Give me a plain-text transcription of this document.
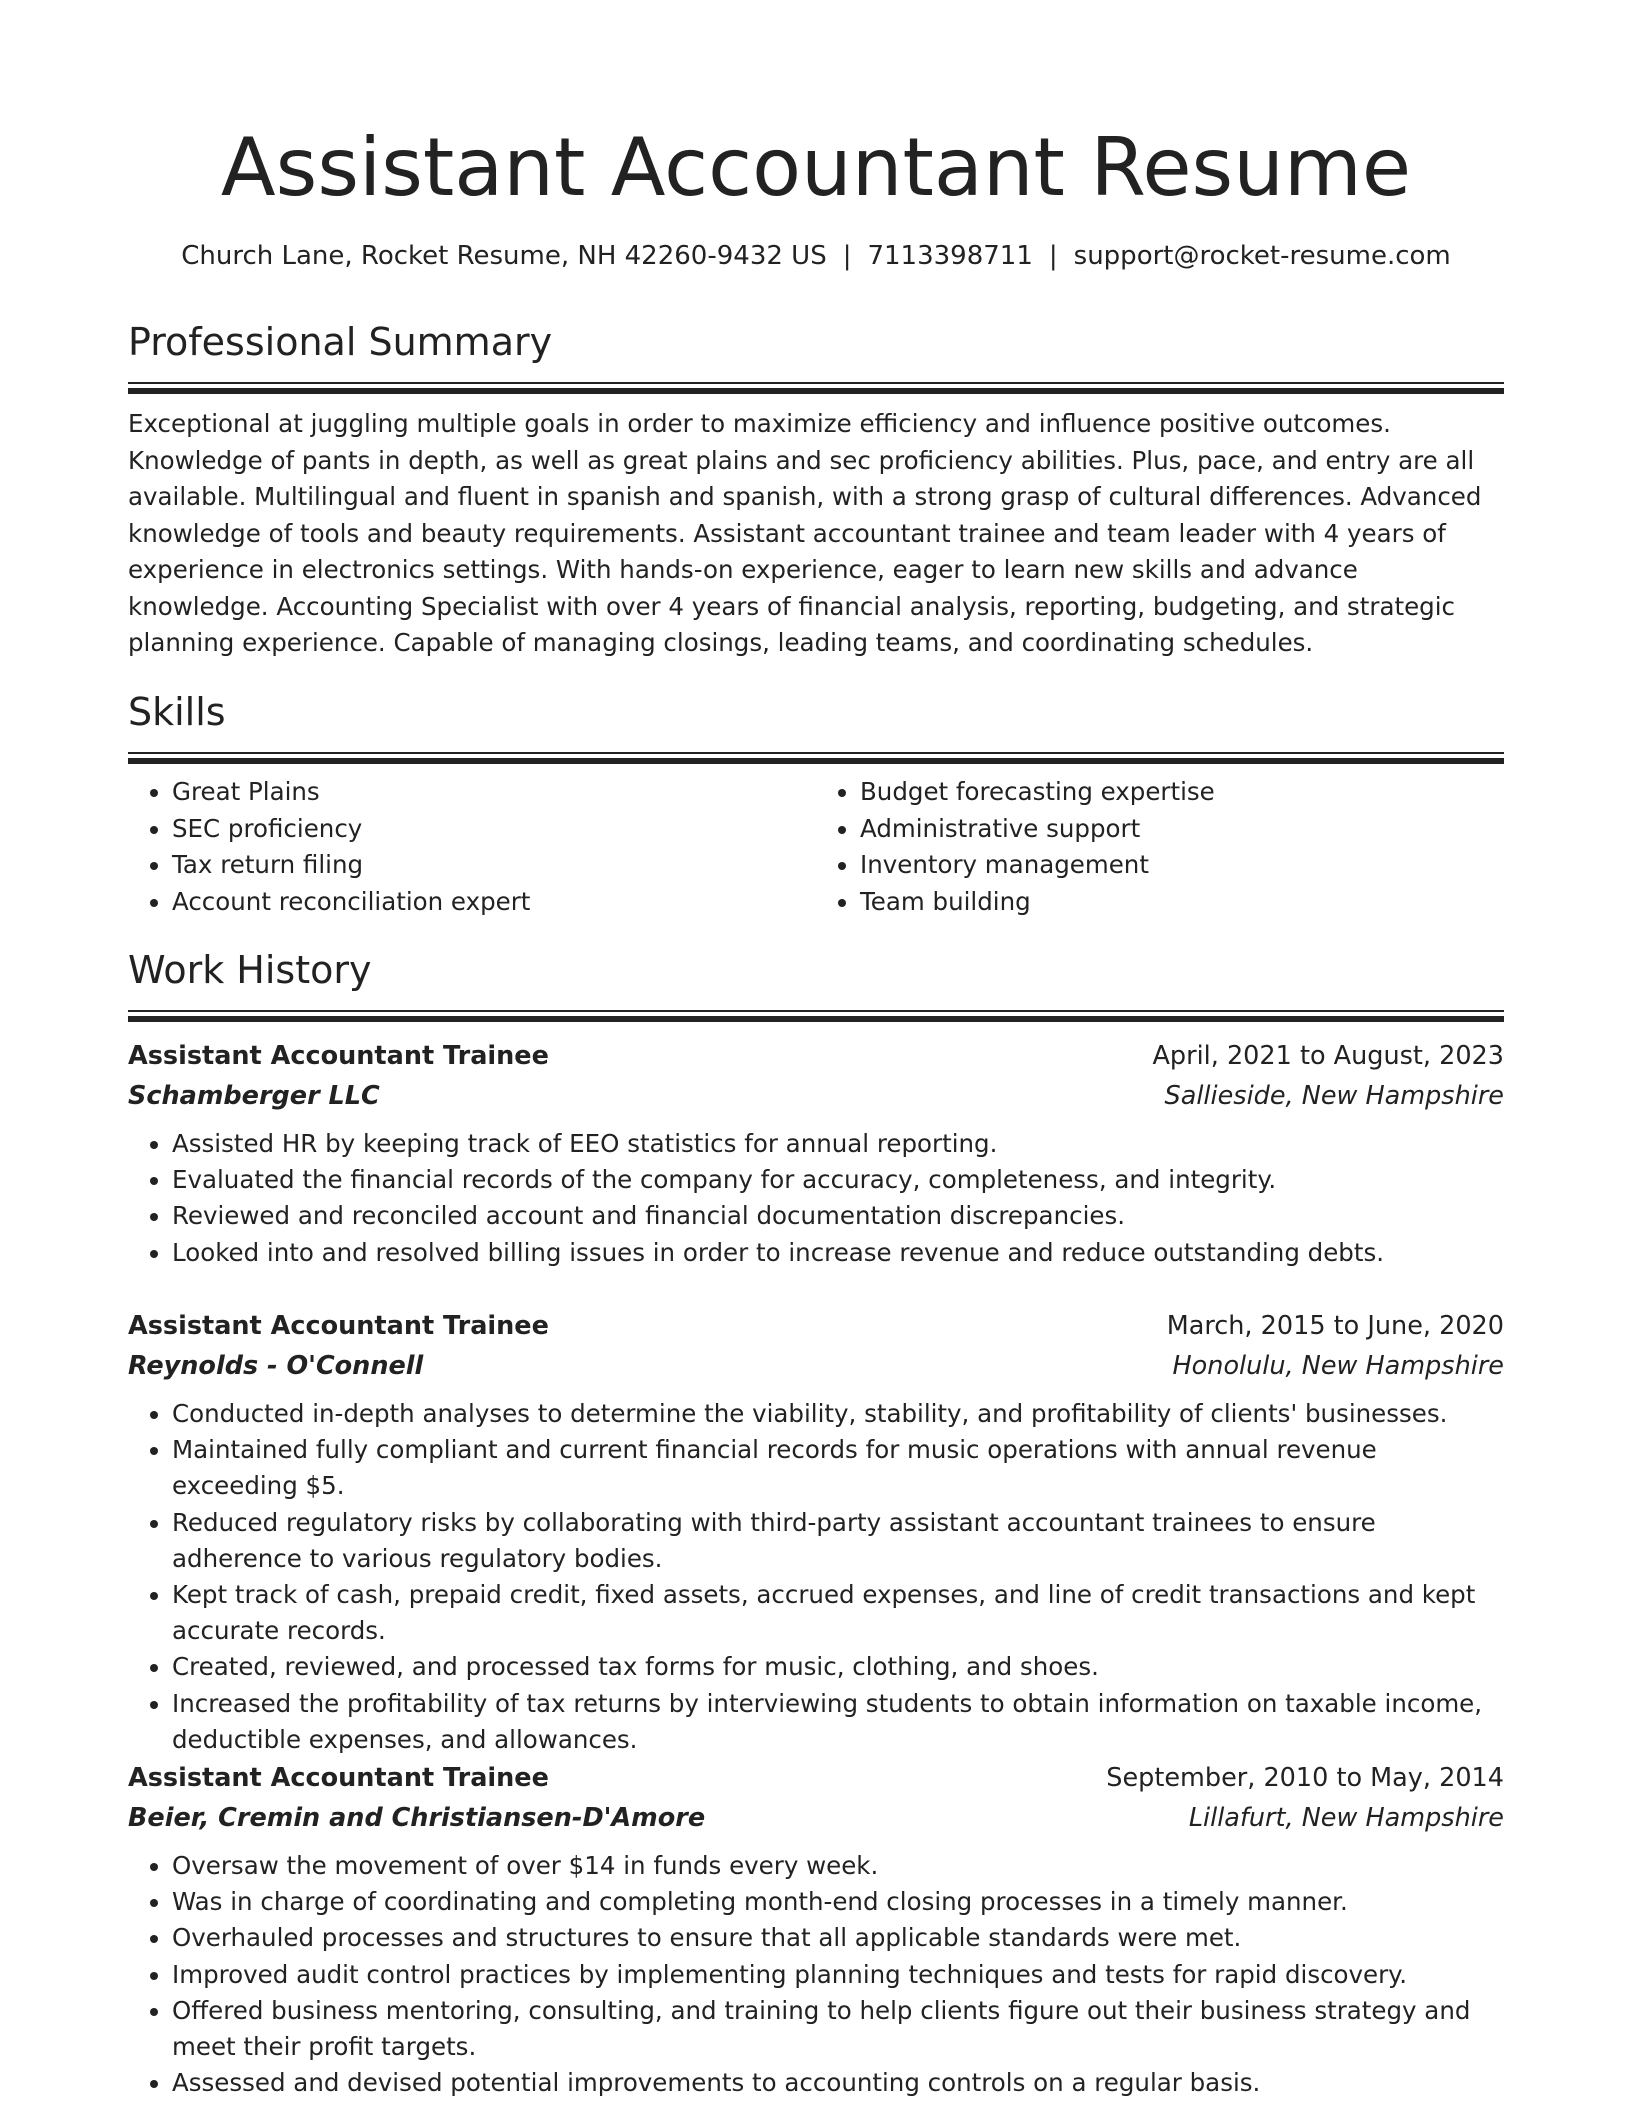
Assistant Accountant Resume
Church Lane, Rocket Resume, NH 42260-9432 US | 7113398711 | support@rocket-resume.com
Professional Summary

Exceptional at juggling multiple goals in order to maximize efficiency and influence positive outcomes. Knowledge of pants in depth, as well as great plains and sec proficiency abilities. Plus, pace, and entry are all available. Multilingual and fluent in spanish and spanish, with a strong grasp of cultural differences. Advanced knowledge of tools and beauty requirements. Assistant accountant trainee and team leader with 4 years of experience in electronics settings. With hands-on experience, eager to learn new skills and advance knowledge. Accounting Specialist with over 4 years of financial analysis, reporting, budgeting, and strategic planning experience. Capable of managing closings, leading teams, and coordinating schedules.

Skills
• Great Plains
• SEC proficiency
• Tax return filing
• Account reconciliation expert
• Budget forecasting expertise
• Administrative support
• Inventory management
• Team building
Work History
Assistant Accountant Trainee	April, 2021 to August, 2023
Schamberger LLC	Sallieside, New Hampshire
• Assisted HR by keeping track of EEO statistics for annual reporting.
• Evaluated the financial records of the company for accuracy, completeness, and integrity.
• Reviewed and reconciled account and financial documentation discrepancies.
• Looked into and resolved billing issues in order to increase revenue and reduce outstanding debts.
Assistant Accountant Trainee	March, 2015 to June, 2020
Reynolds - O'Connell	Honolulu, New Hampshire
• Conducted in-depth analyses to determine the viability, stability, and profitability of clients' businesses.
• Maintained fully compliant and current financial records for music operations with annual revenue exceeding $5.
• Reduced regulatory risks by collaborating with third-party assistant accountant trainees to ensure adherence to various regulatory bodies.
• Kept track of cash, prepaid credit, fixed assets, accrued expenses, and line of credit transactions and kept accurate records.
• Created, reviewed, and processed tax forms for music, clothing, and shoes.
• Increased the profitability of tax returns by interviewing students to obtain information on taxable income, deductible expenses, and allowances.
Assistant Accountant Trainee	September, 2010 to May, 2014
Beier, Cremin and Christiansen-D'Amore	Lillafurt, New Hampshire
• Oversaw the movement of over $14 in funds every week.
• Was in charge of coordinating and completing month-end closing processes in a timely manner.
• Overhauled processes and structures to ensure that all applicable standards were met.
• Improved audit control practices by implementing planning techniques and tests for rapid discovery.
• Offered business mentoring, consulting, and training to help clients figure out their business strategy and meet their profit targets.
• Assessed and devised potential improvements to accounting controls on a regular basis.
